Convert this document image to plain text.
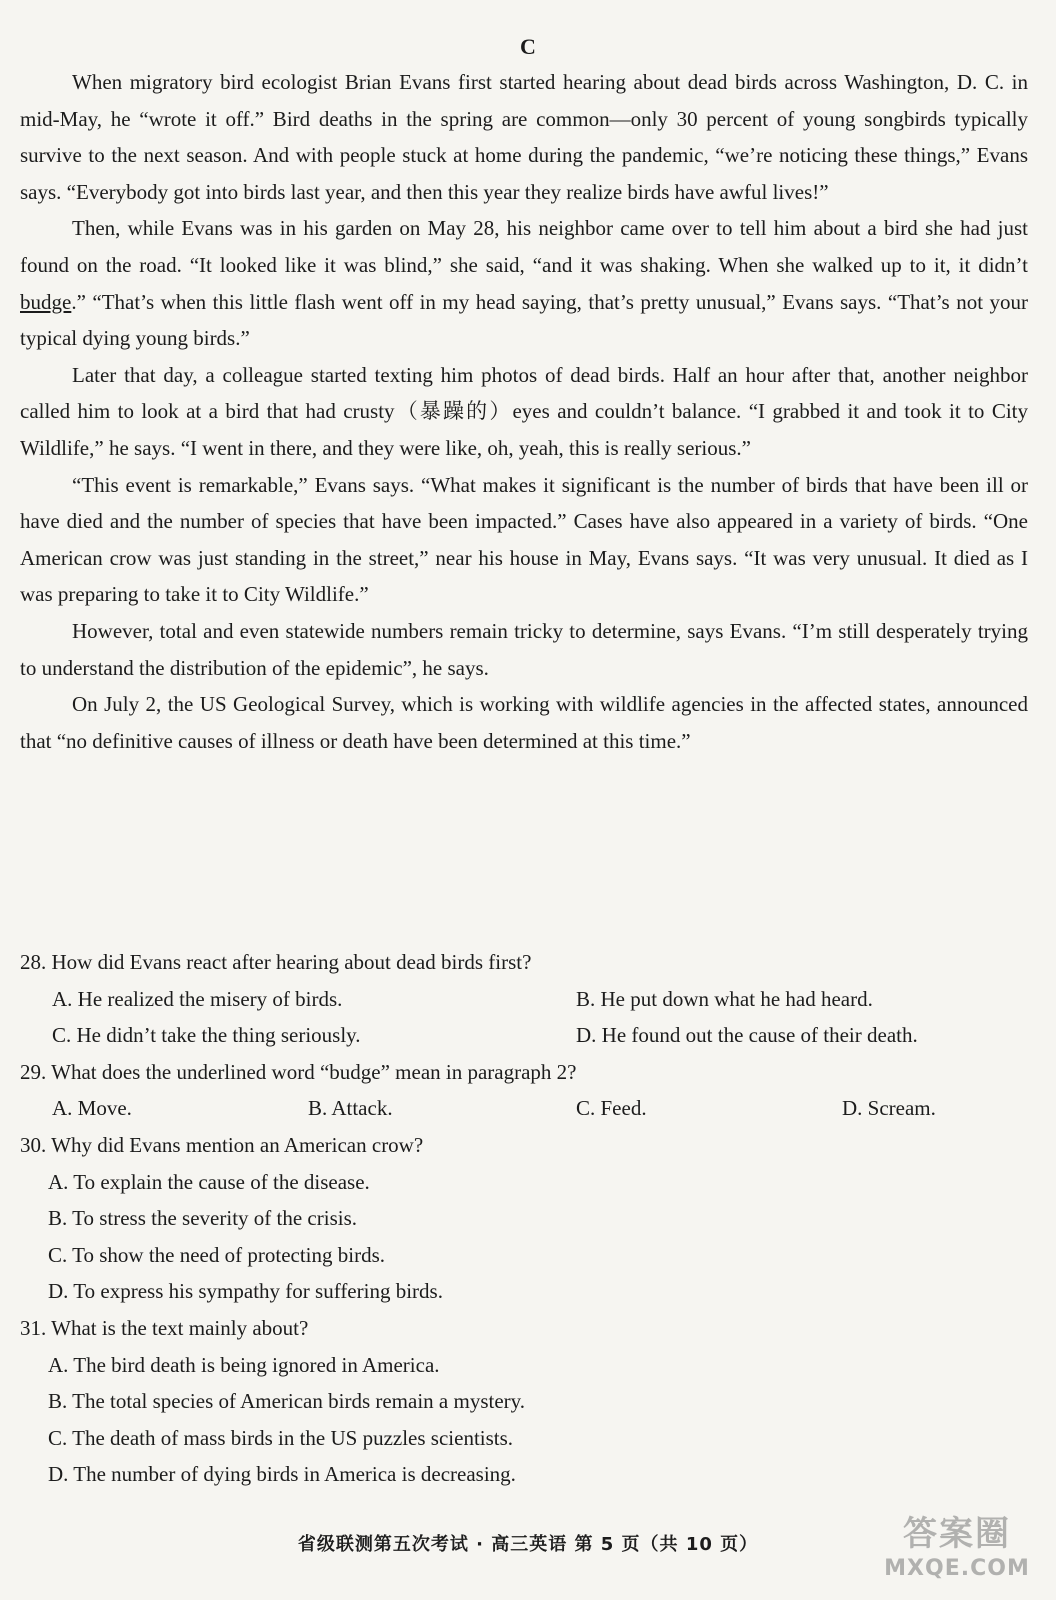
C

When migratory bird ecologist Brian Evans first started hearing about dead birds across Washington, D. C. in mid-May, he “wrote it off.” Bird deaths in the spring are common—only 30 percent of young songbirds typically survive to the next season. And with people stuck at home during the pandemic, “we’re noticing these things,” Evans says. “Everybody got into birds last year, and then this year they realize birds have awful lives!”

Then, while Evans was in his garden on May 28, his neighbor came over to tell him about a bird she had just found on the road. “It looked like it was blind,” she said, “and it was shaking. When she walked up to it, it didn’t budge.” “That’s when this little flash went off in my head saying, that’s pretty unusual,” Evans says. “That’s not your typical dying young birds.”

Later that day, a colleague started texting him photos of dead birds. Half an hour after that, another neighbor called him to look at a bird that had crusty（暴躁的）eyes and couldn’t balance. “I grabbed it and took it to City Wildlife,” he says. “I went in there, and they were like, oh, yeah, this is really serious.”

“This event is remarkable,” Evans says. “What makes it significant is the number of birds that have been ill or have died and the number of species that have been impacted.” Cases have also appeared in a variety of birds. “One American crow was just standing in the street,” near his house in May, Evans says. “It was very unusual. It died as I was preparing to take it to City Wildlife.”

However, total and even statewide numbers remain tricky to determine, says Evans. “I’m still desperately trying to understand the distribution of the epidemic”, he says.

On July 2, the US Geological Survey, which is working with wildlife agencies in the affected states, announced that “no definitive causes of illness or death have been determined at this time.”

28. How did Evans react after hearing about dead birds first?
A. He realized the misery of birds.	B. He put down what he had heard.
C. He didn’t take the thing seriously.	D. He found out the cause of their death.
29. What does the underlined word “budge” mean in paragraph 2?
A. Move.	B. Attack.	C. Feed.	D. Scream.
30. Why did Evans mention an American crow?
A. To explain the cause of the disease.
B. To stress the severity of the crisis.
C. To show the need of protecting birds.
D. To express his sympathy for suffering birds.
31. What is the text mainly about?
A. The bird death is being ignored in America.
B. The total species of American birds remain a mystery.
C. The death of mass birds in the US puzzles scientists.
D. The number of dying birds in America is decreasing.
省级联测第五次考试 · 高三英语 第 5 页（共 10 页）	答案圈
MXQE.COM
